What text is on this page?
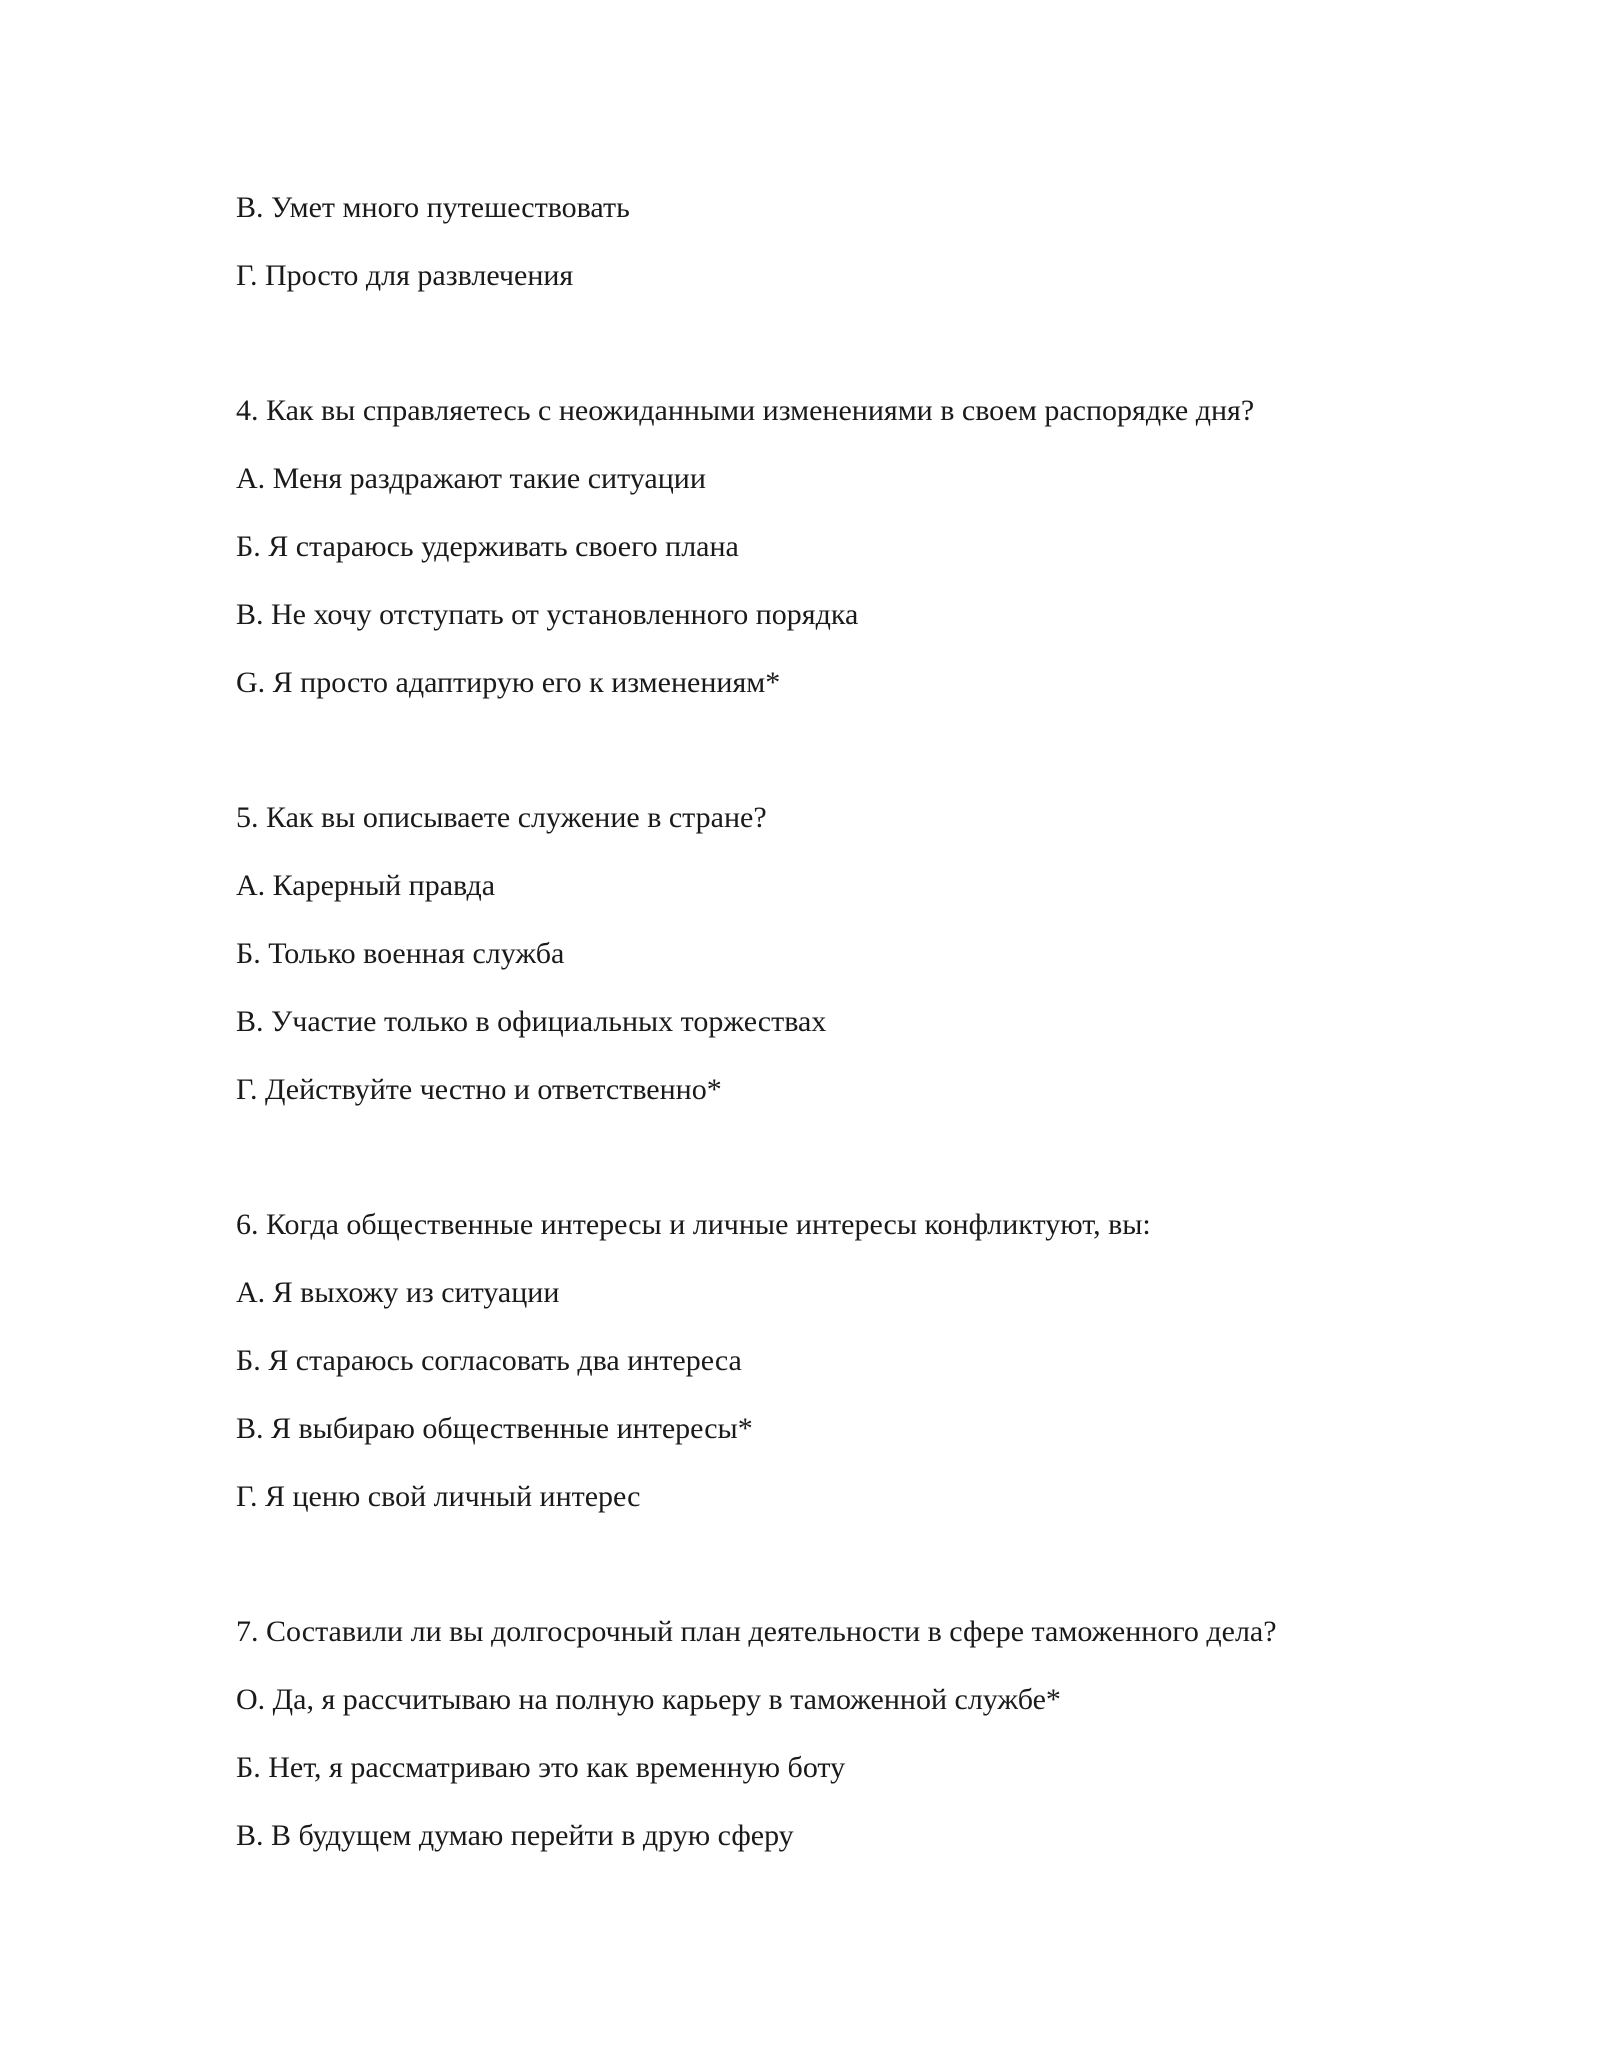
В. Умет много путешествовать
Г. Просто для развлечения
4. Как вы справляетесь с неожиданными изменениями в своем распорядке дня?
А. Меня раздражают такие ситуации
Б. Я стараюсь удерживать своего плана
В. Не хочу отступать от установленного порядка
G. Я просто адаптирую его к изменениям*
5. Как вы описываете служение в стране?
А. Карерный правда
Б. Только военная служба
В. Участие только в официальных торжествах
Г. Действуйте честно и ответственно*
6. Когда общественные интересы и личные интересы конфликтуют, вы:
А. Я выхожу из ситуации
Б. Я стараюсь согласовать два интереса
В. Я выбираю общественные интересы*
Г. Я ценю свой личный интерес
7. Составили ли вы долгосрочный план деятельности в сфере таможенного дела?
О. Да, я рассчитываю на полную карьеру в таможенной службе*
Б. Нет, я рассматриваю это как временную боту
В. В будущем думаю перейти в друю сферу
